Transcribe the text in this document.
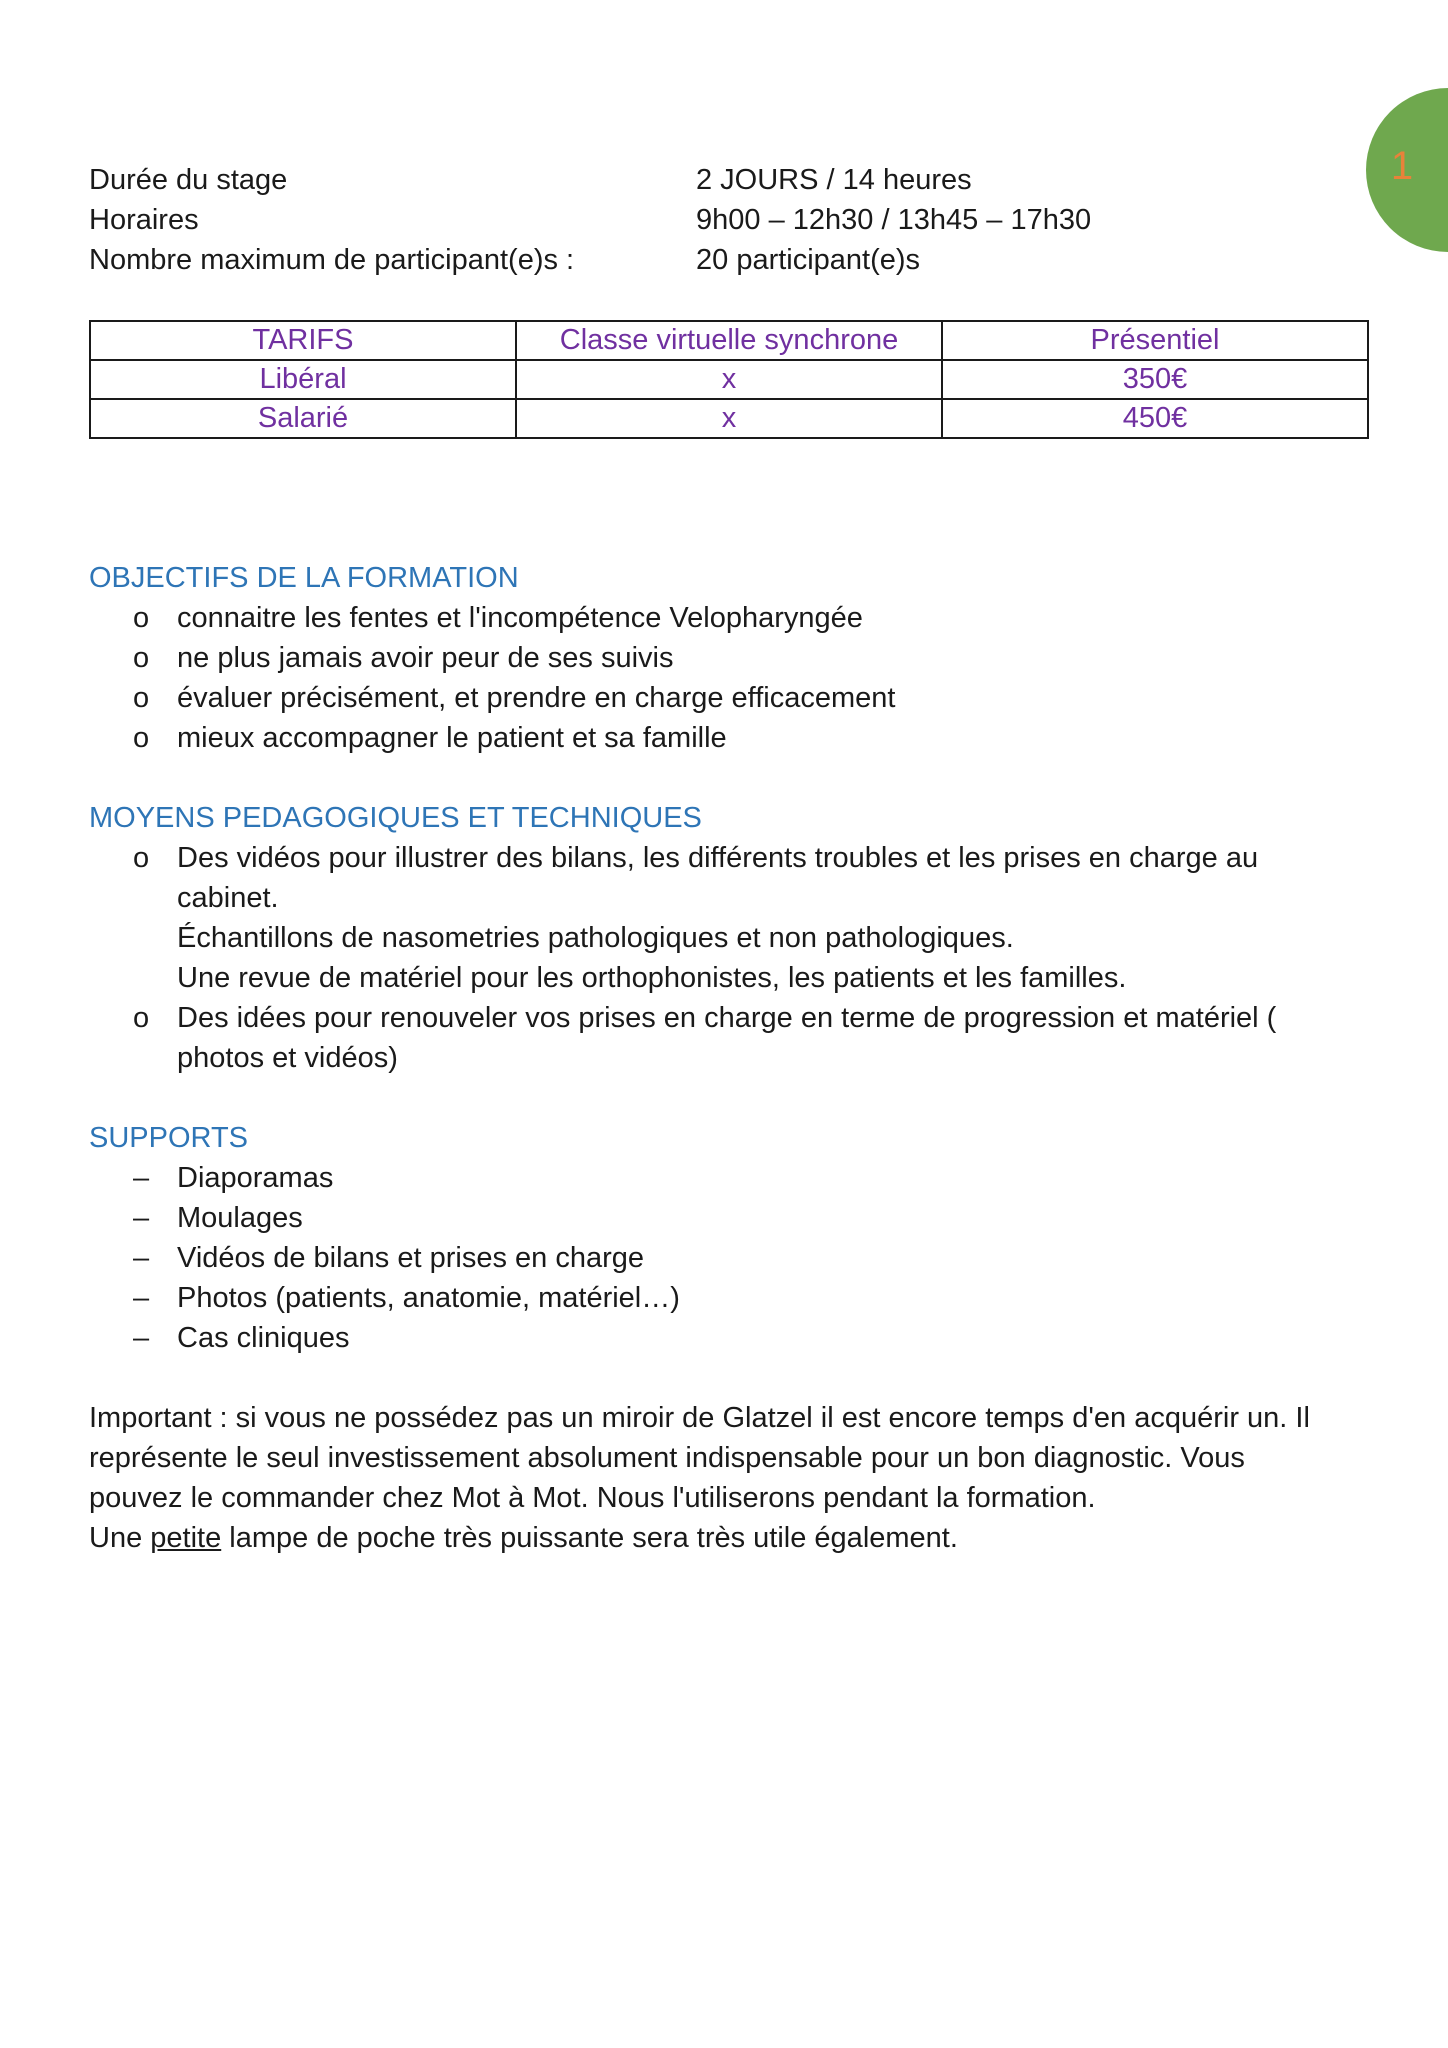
1
Durée du stage	2 JOURS / 14 heures
Horaires	9h00 – 12h30 / 13h45 – 17h30
Nombre maximum de participant(e)s :	20 participant(e)s
TARIFS	Classe virtuelle synchrone	Présentiel
Libéral	x	350€
Salarié	x	450€
OBJECTIFS DE LA FORMATION
o connaitre les fentes et l'incompétence Velopharyngée
o ne plus jamais avoir peur de ses suivis
o évaluer précisément, et prendre en charge efficacement
o mieux accompagner le patient et sa famille
MOYENS PEDAGOGIQUES ET TECHNIQUES
o Des vidéos pour illustrer des bilans, les différents troubles et les prises en charge au
cabinet.
Échantillons de nasometries pathologiques et non pathologiques.
Une revue de matériel pour les orthophonistes, les patients et les familles.
o Des idées pour renouveler vos prises en charge en terme de progression et matériel (
photos et vidéos)
SUPPORTS
– Diaporamas
– Moulages
– Vidéos de bilans et prises en charge
– Photos (patients, anatomie, matériel…)
– Cas cliniques
Important : si vous ne possédez pas un miroir de Glatzel il est encore temps d'en acquérir un. Il
représente le seul investissement absolument indispensable pour un bon diagnostic. Vous
pouvez le commander chez Mot à Mot. Nous l'utiliserons pendant la formation.
Une petite lampe de poche très puissante sera très utile également.
